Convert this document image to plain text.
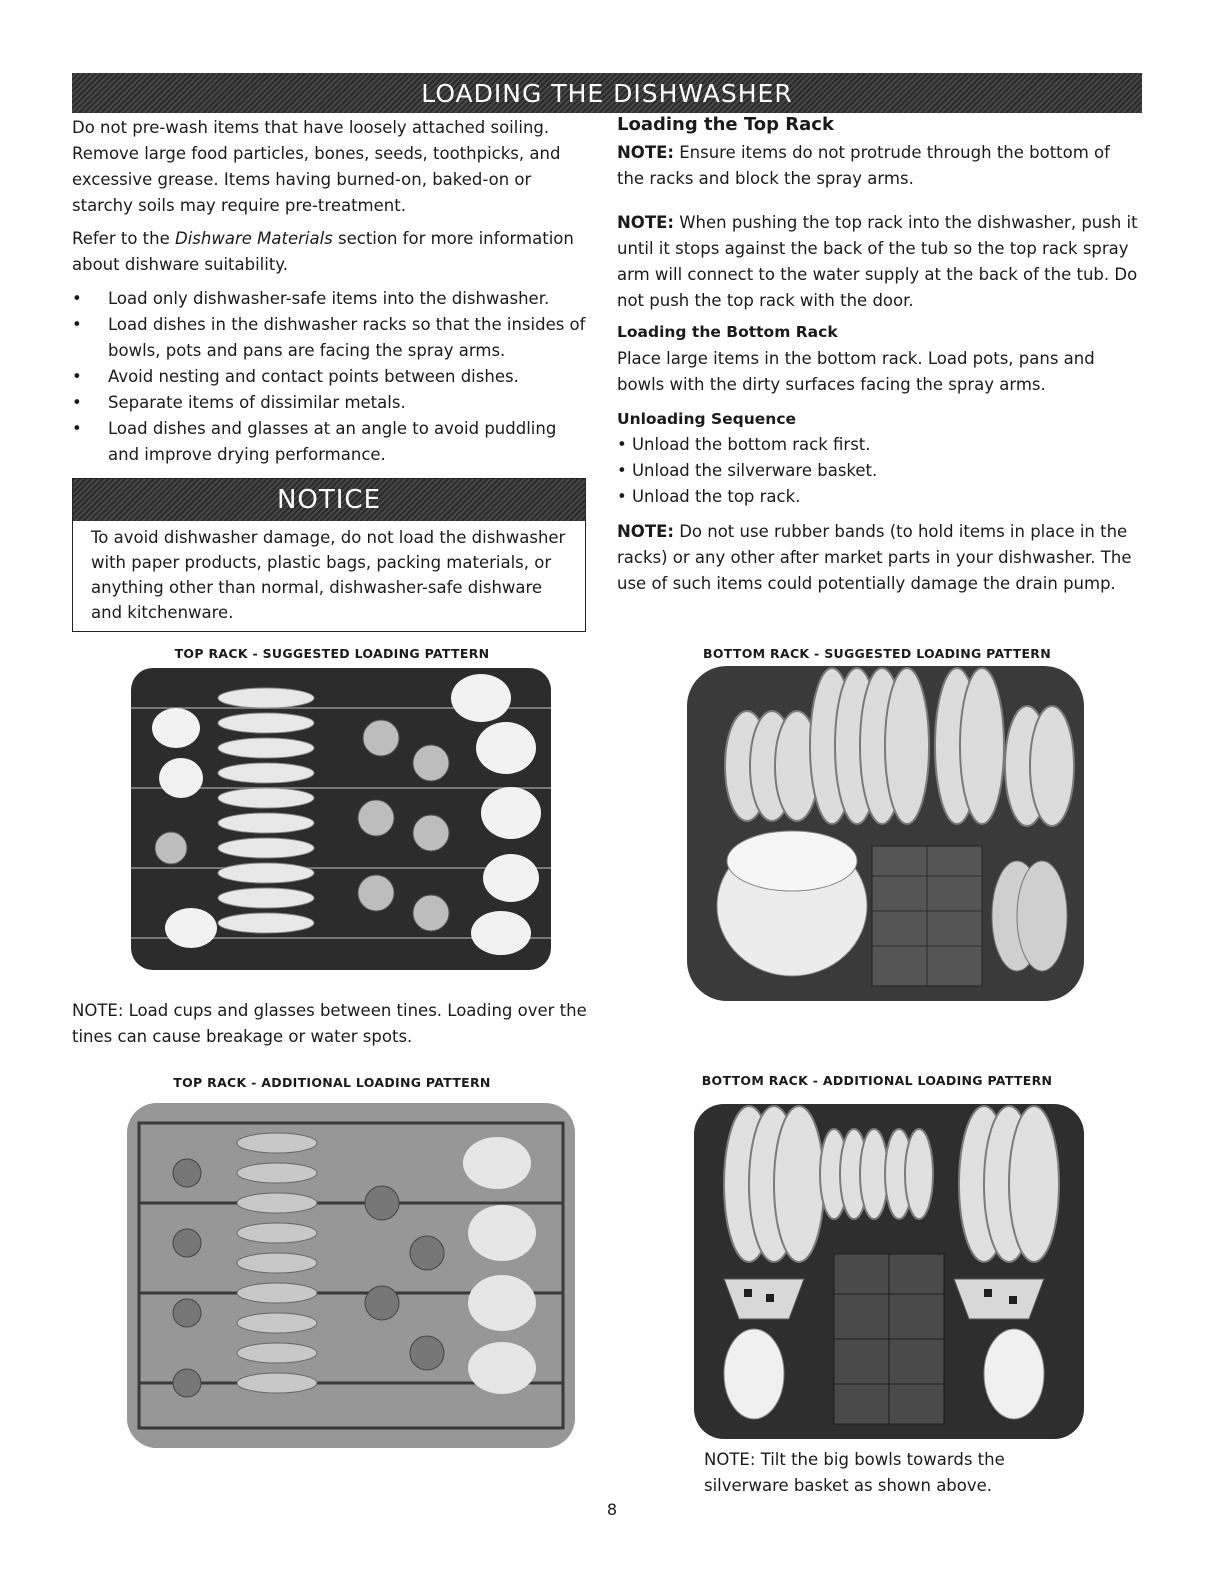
LOADING THE DISHWASHER

Do not pre-wash items that have loosely attached soiling. Remove large food particles, bones, seeds, toothpicks, and excessive grease. Items having burned-on, baked-on or starchy soils may require pre-treatment.

Refer to the Dishware Materials section for more information about dishware suitability.

• Load only dishwasher-safe items into the dishwasher.
• Load dishes in the dishwasher racks so that the insides of bowls, pots and pans are facing the spray arms.
• Avoid nesting and contact points between dishes.
• Separate items of dissimilar metals.
• Load dishes and glasses at an angle to avoid puddling and improve drying performance.
NOTICE
To avoid dishwasher damage, do not load the dishwasher with paper products, plastic bags, packing materials, or anything other than normal, dishwasher-safe dishware and kitchenware.
Loading the Top Rack

NOTE: Ensure items do not protrude through the bottom of the racks and block the spray arms.

NOTE: When pushing the top rack into the dishwasher, push it until it stops against the back of the tub so the top rack spray arm will connect to the water supply at the back of the tub. Do not push the top rack with the door.

Loading the Bottom Rack

Place large items in the bottom rack. Load pots, pans and bowls with the dirty surfaces facing the spray arms.

Unloading Sequence
• Unload the bottom rack first.
• Unload the silverware basket.
• Unload the top rack.

NOTE: Do not use rubber bands (to hold items in place in the racks) or any other after market parts in your dishwasher. The use of such items could potentially damage the drain pump.

TOP RACK - SUGGESTED LOADING PATTERN

NOTE: Load cups and glasses between tines. Loading over the tines can cause breakage or water spots.

TOP RACK - ADDITIONAL LOADING PATTERN
BOTTOM RACK - SUGGESTED LOADING PATTERN
BOTTOM RACK - ADDITIONAL LOADING PATTERN

NOTE: Tilt the big bowls towards the silverware basket as shown above.

8
